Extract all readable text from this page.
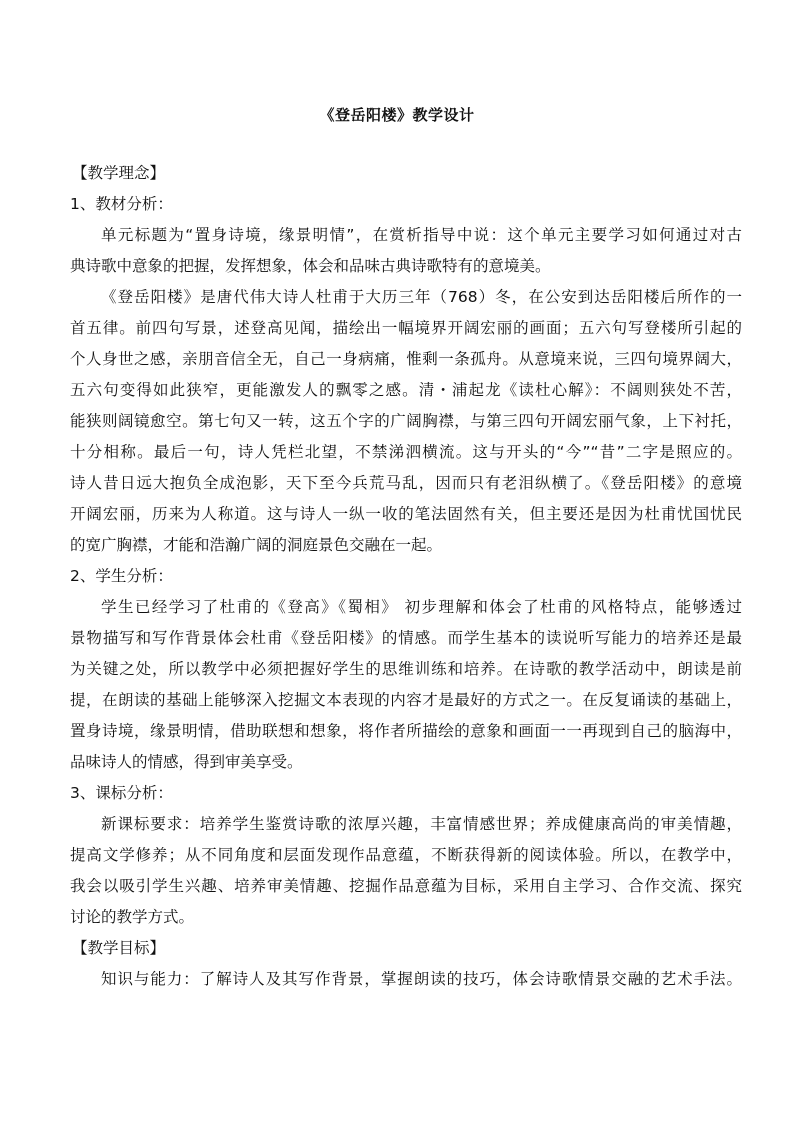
《登岳阳楼》教学设计
【教学理念】
1、教材分析：
单元标题为“置身诗境，缘景明情”，在赏析指导中说：这个单元主要学习如何通过对古
典诗歌中意象的把握，发挥想象，体会和品味古典诗歌特有的意境美。
《登岳阳楼》是唐代伟大诗人杜甫于大历三年（768）冬，在公安到达岳阳楼后所作的一
首五律。前四句写景，述登高见闻，描绘出一幅境界开阔宏丽的画面；五六句写登楼所引起的
个人身世之感，亲朋音信全无，自己一身病痛，惟剩一条孤舟。从意境来说，三四句境界阔大，
五六句变得如此狭窄，更能激发人的飘零之感。清・浦起龙《读杜心解》：不阔则狭处不苦，
能狭则阔镜愈空。第七句又一转，这五个字的广阔胸襟，与第三四句开阔宏丽气象，上下衬托，
十分相称。最后一句，诗人凭栏北望，不禁涕泗横流。这与开头的“今”“昔”二字是照应的。
诗人昔日远大抱负全成泡影，天下至今兵荒马乱，因而只有老泪纵横了。《登岳阳楼》的意境
开阔宏丽，历来为人称道。这与诗人一纵一收的笔法固然有关，但主要还是因为杜甫忧国忧民
的宽广胸襟，才能和浩瀚广阔的洞庭景色交融在一起。
2、学生分析：
学生已经学习了杜甫的《登高》《蜀相》 初步理解和体会了杜甫的风格特点，能够透过
景物描写和写作背景体会杜甫《登岳阳楼》的情感。而学生基本的读说听写能力的培养还是最
为关键之处，所以教学中必须把握好学生的思维训练和培养。在诗歌的教学活动中，朗读是前
提，在朗读的基础上能够深入挖掘文本表现的内容才是最好的方式之一。在反复诵读的基础上，
置身诗境，缘景明情，借助联想和想象，将作者所描绘的意象和画面一一再现到自己的脑海中，
品味诗人的情感，得到审美享受。
3、课标分析：
新课标要求：培养学生鉴赏诗歌的浓厚兴趣，丰富情感世界；养成健康高尚的审美情趣，
提高文学修养；从不同角度和层面发现作品意蕴，不断获得新的阅读体验。所以，在教学中，
我会以吸引学生兴趣、培养审美情趣、挖掘作品意蕴为目标，采用自主学习、合作交流、探究
讨论的教学方式。
【教学目标】
知识与能力：了解诗人及其写作背景，掌握朗读的技巧，体会诗歌情景交融的艺术手法。
